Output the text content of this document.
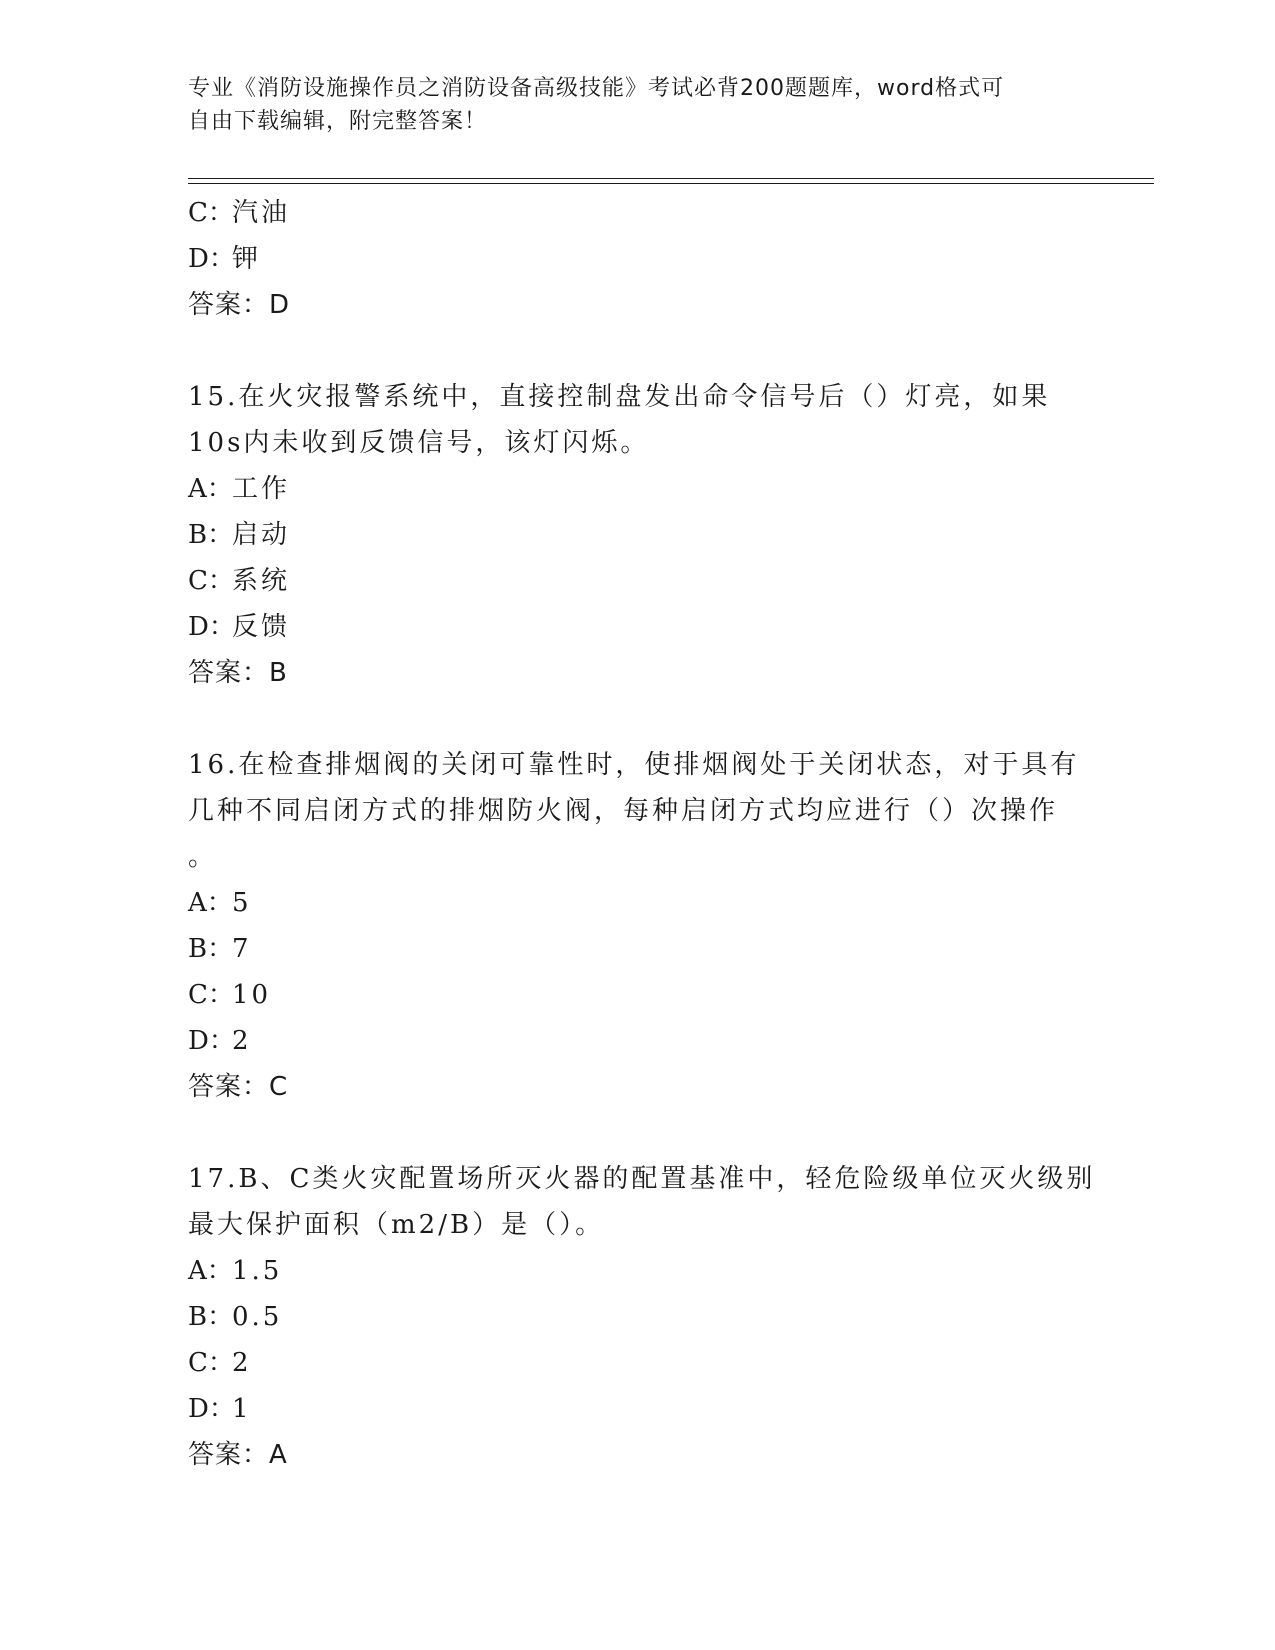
专业《消防设施操作员之消防设备高级技能》考试必背200题题库，word格式可
自由下载编辑，附完整答案！
C：汽油
D：钾
答案：D
15.在火灾报警系统中，直接控制盘发出命令信号后（）灯亮，如果
10s内未收到反馈信号，该灯闪烁。
A：工作
B：启动
C：系统
D：反馈
答案：B
16.在检查排烟阀的关闭可靠性时，使排烟阀处于关闭状态，对于具有
几种不同启闭方式的排烟防火阀，每种启闭方式均应进行（）次操作
。
A：5
B：7
C：10
D：2
答案：C
17.B、C类火灾配置场所灭火器的配置基准中，轻危险级单位灭火级别
最大保护面积（m2/B）是（）。
A：1.5
B：0.5
C：2
D：1
答案：A
